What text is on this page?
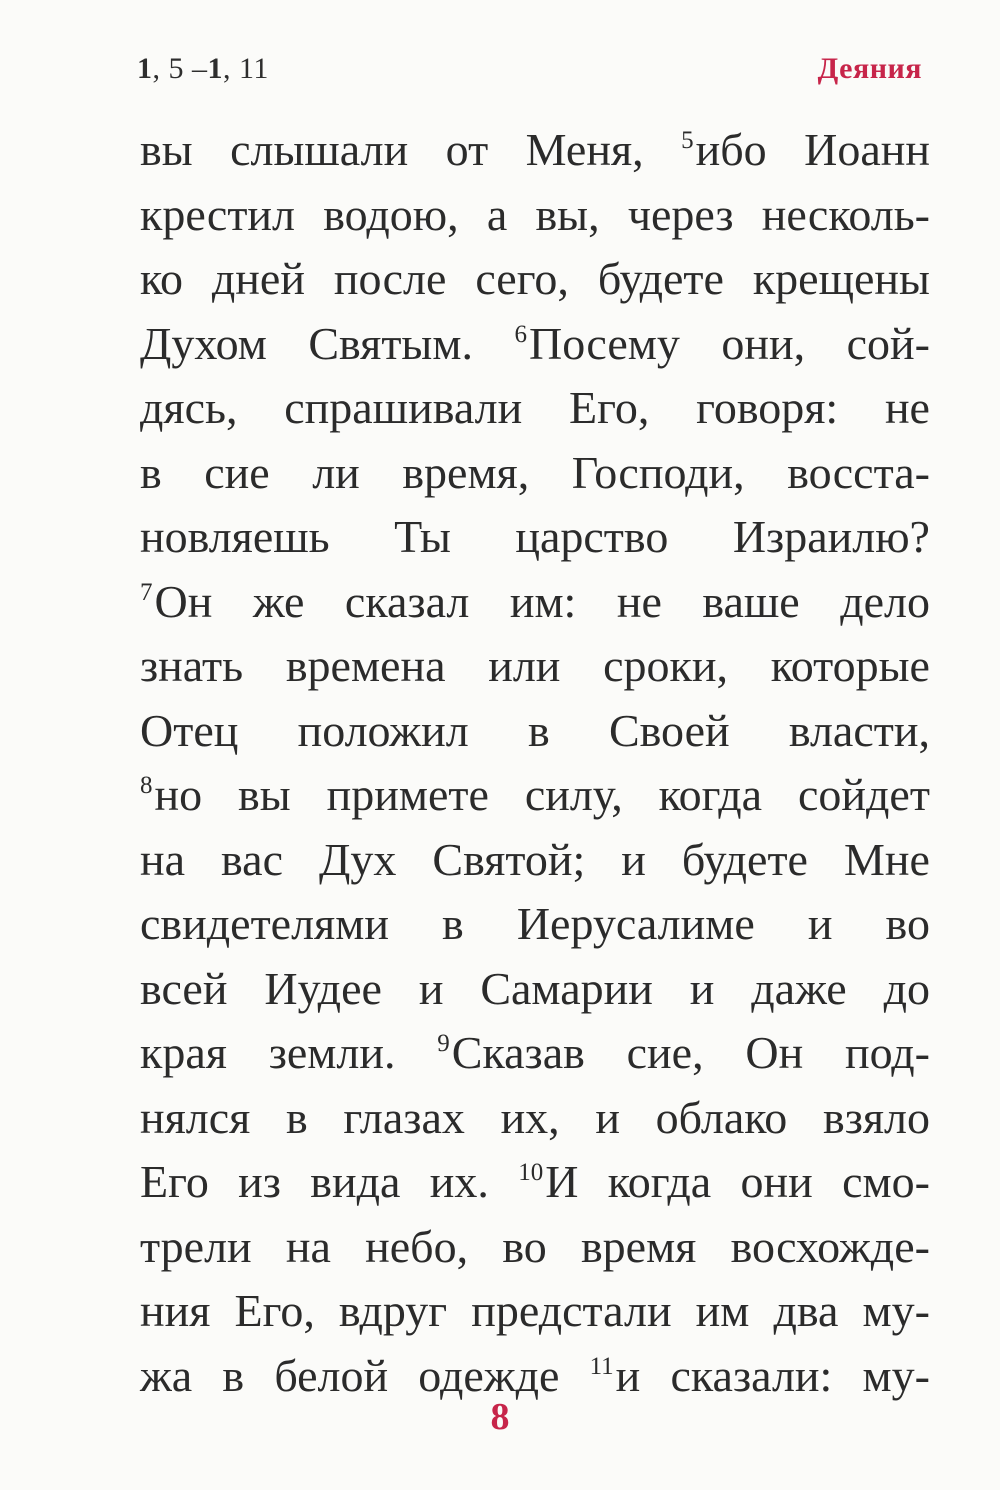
1, 5 –1, 11	Деяния
вы слышали от Меня, $^5$ибо Иоанн
крестил водою, а вы, через несколь-
ко дней после сего, будете крещены
Духом Святым. $^6$Посему они, сой-
дясь, спрашивали Его, говоря: не
в сие ли время, Господи, восста-
новляешь Ты царство Израилю?
$^7$Он же сказал им: не ваше дело
знать времена или сроки, которые
Отец положил в Своей власти,
$^8$но вы примете силу, когда сойдет
на вас Дух Святой; и будете Мне
свидетелями в Иерусалиме и во
всей Иудее и Самарии и даже до
края земли. $^9$Сказав сие, Он под-
нялся в глазах их, и облако взяло
Его из вида их. $^{10}$И когда они смо-
трели на небо, во время восхожде-
ния Его, вдруг предстали им два му-
жа в белой одежде $^{11}$и сказали: му-
8
